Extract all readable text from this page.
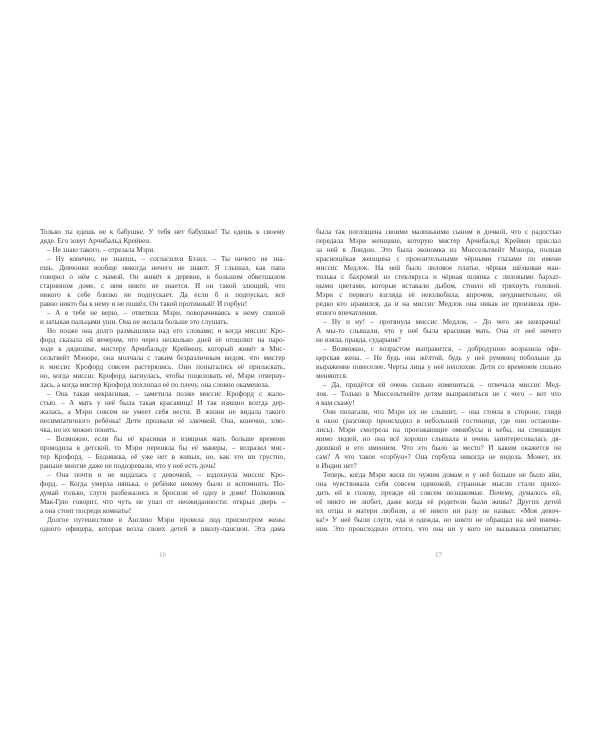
Только ты едешь не к бабушке. У тебя нет бабушки! Ты едешь к своему
дяде. Его зовут Арчибальд Крейвен.
– Не знаю такого, – отрезала Мэри.
– Ну конечно, не знаешь, – согласился Бэзил. – Ты ничего не зна-
ешь. Девчонки вообще никогда ничего не знают. Я слышал, как папа
говорил о нём с мамой. Он живёт в деревне, в большом обветшалом
старинном доме, с ним никто не знается. И он такой злющий, что
никого к себе близко не подпускает. Да если б и подпускал, всё
равно никто бы к нему и не пошёл. Он такой противный! И горбун!
– А я тебе не верю, – ответила Мэри, поворачиваясь к нему спиной
и затыкая пальцами уши. Она не желала больше это слушать.
Но позже она долго размышляла над его словами; и когда миссис Кро-
форд сказала ей вечером, что через несколько дней её отошлют на паро-
ходе к дядюшке, мистеру Арчибальду Крейвену, который живёт в Мис-
сельтвейт Мэноре, она молчала с таким безразличным видом, что мистер
и миссис Крофорд совсем растерялись. Они попытались её приласкать,
но, когда миссис Крофорд нагнулась, чтобы поцеловать её, Мэри отверну-
лась, а когда мистер Крофорд похлопал её по плечу, она словно окаменела.
– Она такая некрасивая, – заметила позже миссис Крофорд с жало-
стью. – А мать у неё была такая красавица! И так изящно всегда дер-
жалась, а Мэри совсем не умеет себя вести. В жизни не видала такого
несимпатичного ребёнка! Дети прозвали её злючкой. Она, конечно, злю-
чка, но их можно понять.
– Возможно, если бы её красивая и изящная мать больше времени
проводила в детской, то Мэри переняла бы её манеры, – возразил мис-
тер Крофорд. – Бедняжка, её уже нет в живых, но, как это ни грустно,
раньше многие даже не подозревали, что у неё есть дочь!
– Она почти и не видалась с девочкой, – вздохнула миссис Кро-
форд. – Когда умерла нянька, о ребёнке некому было и вспомнить. По-
думай только, слуги разбежались и бросили её одну в доме! Полковник
Мак-Грю говорит, что чуть не упал от неожиданности: открыл дверь –
а она стоит посреди комнаты!
Долгое путешествие в Англию Мэри провела под присмотром жены
одного офицера, которая везла своих детей в школу-пансион. Эта дама
16
была так поглощена своими маленькими сыном и дочкой, что с радостью
передала Мэри женщине, которую мистер Арчибальд Крейвен прислал
за ней в Лондон. Это была экономка из Миссельтвейт Мэнора, полная
краснощёкая женщина с пронзительными чёрными глазами по имени
миссис Медлок. На ней было лиловое платье, чёрная шёлковая ман-
тилька с бахромой из стекляруса и чёрная шляпка с лиловыми бархат-
ными цветами, которые вставали дыбом, стоило ей тряхнуть головой.
Мэри с первого взгляда её невзлюбила; впрочем, неудивительно: ей
редко кто нравился, да и на миссис Медлок она никак не произвела при-
ятного впечатления.
– Ну и ну! – протянула миссис Медлок. – До чего же невзрачна!
А мы-то слышали, что у неё была красивая мать. Она от неё ничего
не взяла, правда, сударыня?
– Возможно, с возрастом выправится, – добродушно возразила офи-
церская жена. – Не будь она жёлтой, будь у неё румянец побольше да
выражение повеселее. Черты лица у неё неплохие. Дети со временем сильно
меняются.
– Да, придётся ей очень сильно измениться, – отвечала миссис Мед-
лок. – Только в Миссельтвейте детям выправляться не с чего – вот что
я вам скажу!
Они полагали, что Мэри их не слышит, – она стояла в стороне, глядя
в окно (разговор происходил в небольшой гостинице, где они останови-
лись). Мэри смотрела на проезжающие омнибусы и кебы, на спешащих
мимо людей, но она всё хорошо слышала и очень заинтересовалась дя-
дюшкой и его имением. Что это было за место? И каким окажется он
сам? А что такое «горбун»? Она горбуна никогда не видела. Может, их
в Индии нет?
Теперь, когда Мэри жила по чужим домам и у неё больше не было айи,
она чувствовала себя совсем одинокой, странные мысли стали прихо-
дить ей в голову, прежде ей совсем незнакомые. Почему, думалось ей,
её никто не любит, даже когда её родители были живы? Других детей
их отцы и матери любили, а её никто ни разу не назвал: «Моя девоч-
ка!» У неё были слуги, еда и одежда, но никто не обращал на неё внима-
ния. Это происходило оттого, что она ни у кого не вызывала симпатии;
17
